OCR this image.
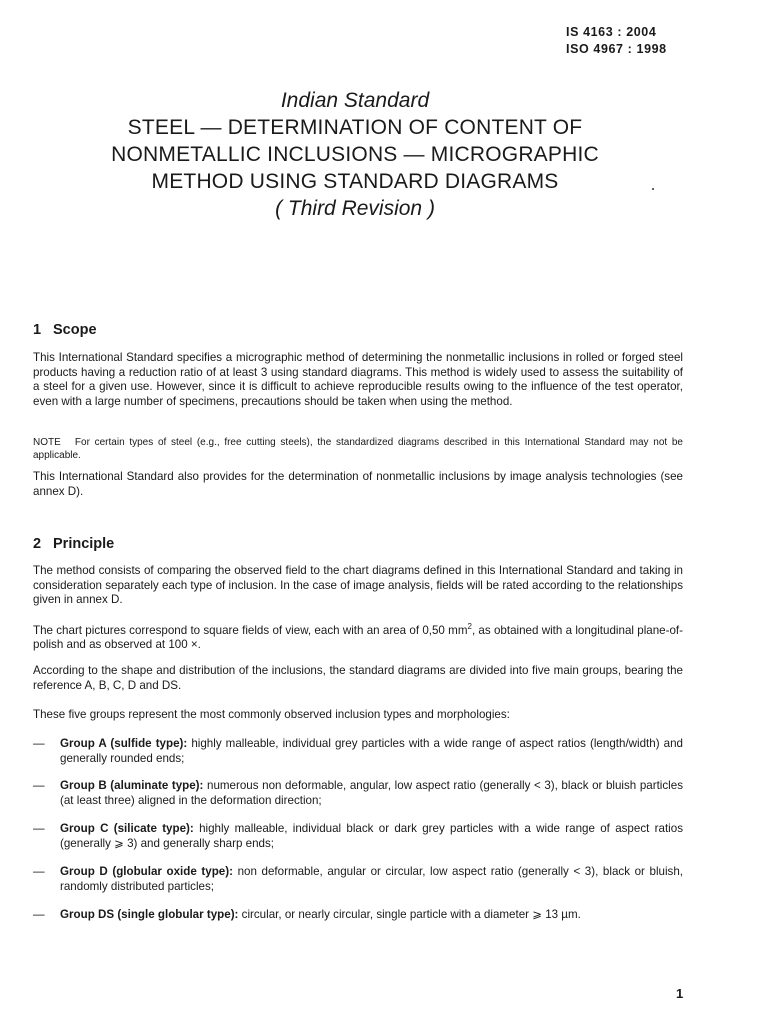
IS 4163 : 2004
ISO 4967 : 1998
Indian Standard
STEEL — DETERMINATION OF CONTENT OF
NONMETALLIC INCLUSIONS — MICROGRAPHIC
METHOD USING STANDARD DIAGRAMS
( Third Revision )
1 Scope
This International Standard specifies a micrographic method of determining the nonmetallic inclusions in rolled or forged steel products having a reduction ratio of at least 3 using standard diagrams. This method is widely used to assess the suitability of a steel for a given use. However, since it is difficult to achieve reproducible results owing to the influence of the test operator, even with a large number of specimens, precautions should be taken when using the method.
NOTE For certain types of steel (e.g., free cutting steels), the standardized diagrams described in this International Standard may not be applicable.
This International Standard also provides for the determination of nonmetallic inclusions by image analysis technologies (see annex D).
2 Principle
The method consists of comparing the observed field to the chart diagrams defined in this International Standard and taking in consideration separately each type of inclusion. In the case of image analysis, fields will be rated according to the relationships given in annex D.
The chart pictures correspond to square fields of view, each with an area of 0,50 $mm^2$, as obtained with a longitudinal plane-of-polish and as observed at 100 ×.
According to the shape and distribution of the inclusions, the standard diagrams are divided into five main groups, bearing the reference A, B, C, D and DS.
These five groups represent the most commonly observed inclusion types and morphologies:
— Group A (sulfide type): highly malleable, individual grey particles with a wide range of aspect ratios (length/width) and generally rounded ends;
— Group B (aluminate type): numerous non deformable, angular, low aspect ratio (generally < 3), black or bluish particles (at least three) aligned in the deformation direction;
— Group C (silicate type): highly malleable, individual black or dark grey particles with a wide range of aspect ratios (generally ⩾ 3) and generally sharp ends;
— Group D (globular oxide type): non deformable, angular or circular, low aspect ratio (generally < 3), black or bluish, randomly distributed particles;
— Group DS (single globular type): circular, or nearly circular, single particle with a diameter ⩾ 13 µm.
1
